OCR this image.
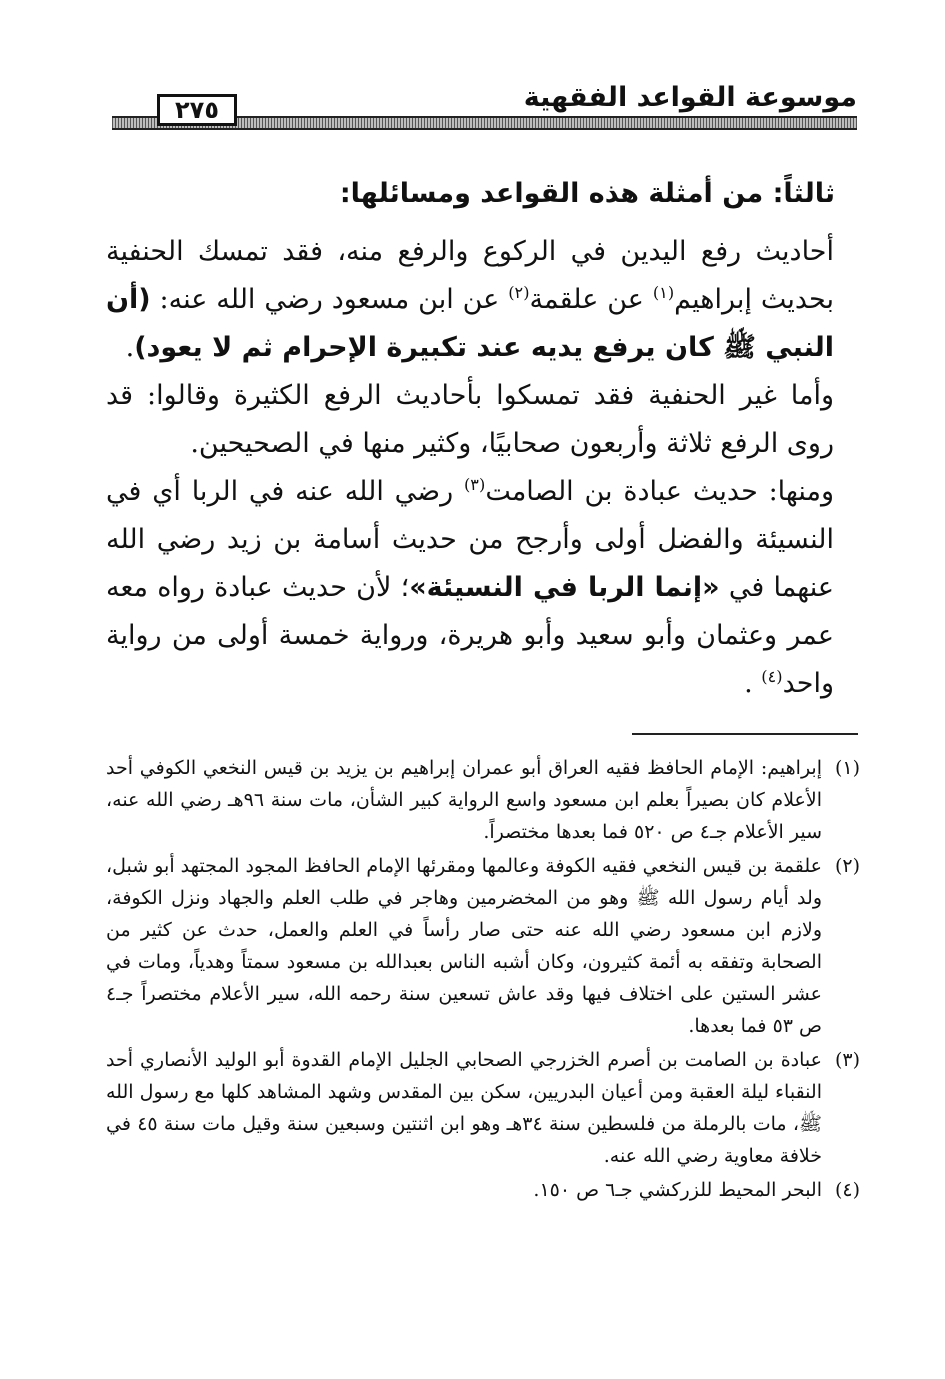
موسوعة القواعد الفقهية
٢٧٥
ثالثاً: من أمثلة هذه القواعد ومسائلها:

أحاديث رفع اليدين في الركوع والرفع منه، فقد تمسك الحنفية بحديث إبراهيم$^{(١)}$ عن علقمة$^{(٢)}$ عن ابن مسعود رضي الله عنه: (أن النبي ﷺ كان يرفع يديه عند تكبيرة الإحرام ثم لا يعود).

وأما غير الحنفية فقد تمسكوا بأحاديث الرفع الكثيرة وقالوا: قد روى الرفع ثلاثة وأربعون صحابيًا، وكثير منها في الصحيحين.

ومنها: حديث عبادة بن الصامت$^{(٣)}$ رضي الله عنه في الربا أي في النسيئة والفضل أولى وأرجح من حديث أسامة بن زيد رضي الله عنهما في «إنما الربا في النسيئة»؛ لأن حديث عبادة رواه معه عمر وعثمان وأبو سعيد وأبو هريرة، ورواية خمسة أولى من رواية واحد$^{(٤)}$ .

(١)
إبراهيم: الإمام الحافظ فقيه العراق أبو عمران إبراهيم بن يزيد بن قيس النخعي الكوفي أحد الأعلام كان بصيراً بعلم ابن مسعود واسع الرواية كبير الشأن، مات سنة ٩٦هـ رضي الله عنه، سير الأعلام جـ٤ ص ٥٢٠ فما بعدها مختصراً.

(٢)
علقمة بن قيس النخعي فقيه الكوفة وعالمها ومقرئها الإمام الحافظ المجود المجتهد أبو شبل، ولد أيام رسول الله ﷺ وهو من المخضرمين وهاجر في طلب العلم والجهاد ونزل الكوفة، ولازم ابن مسعود رضي الله عنه حتى صار رأساً في العلم والعمل، حدث عن كثير من الصحابة وتفقه به أئمة كثيرون، وكان أشبه الناس بعبدالله بن مسعود سمتاً وهدياً، ومات في عشر الستين على اختلاف فيها وقد عاش تسعين سنة رحمه الله، سير الأعلام مختصراً جـ٤ ص ٥٣ فما بعدها.

(٣)
عبادة بن الصامت بن أصرم الخزرجي الصحابي الجليل الإمام القدوة أبو الوليد الأنصاري أحد النقباء ليلة العقبة ومن أعيان البدريين، سكن بين المقدس وشهد المشاهد كلها مع رسول الله ﷺ، مات بالرملة من فلسطين سنة ٣٤هـ وهو ابن اثنتين وسبعين سنة وقيل مات سنة ٤٥ في خلافة معاوية رضي الله عنه.

(٤)
البحر المحيط للزركشي جـ٦ ص ١٥٠.
